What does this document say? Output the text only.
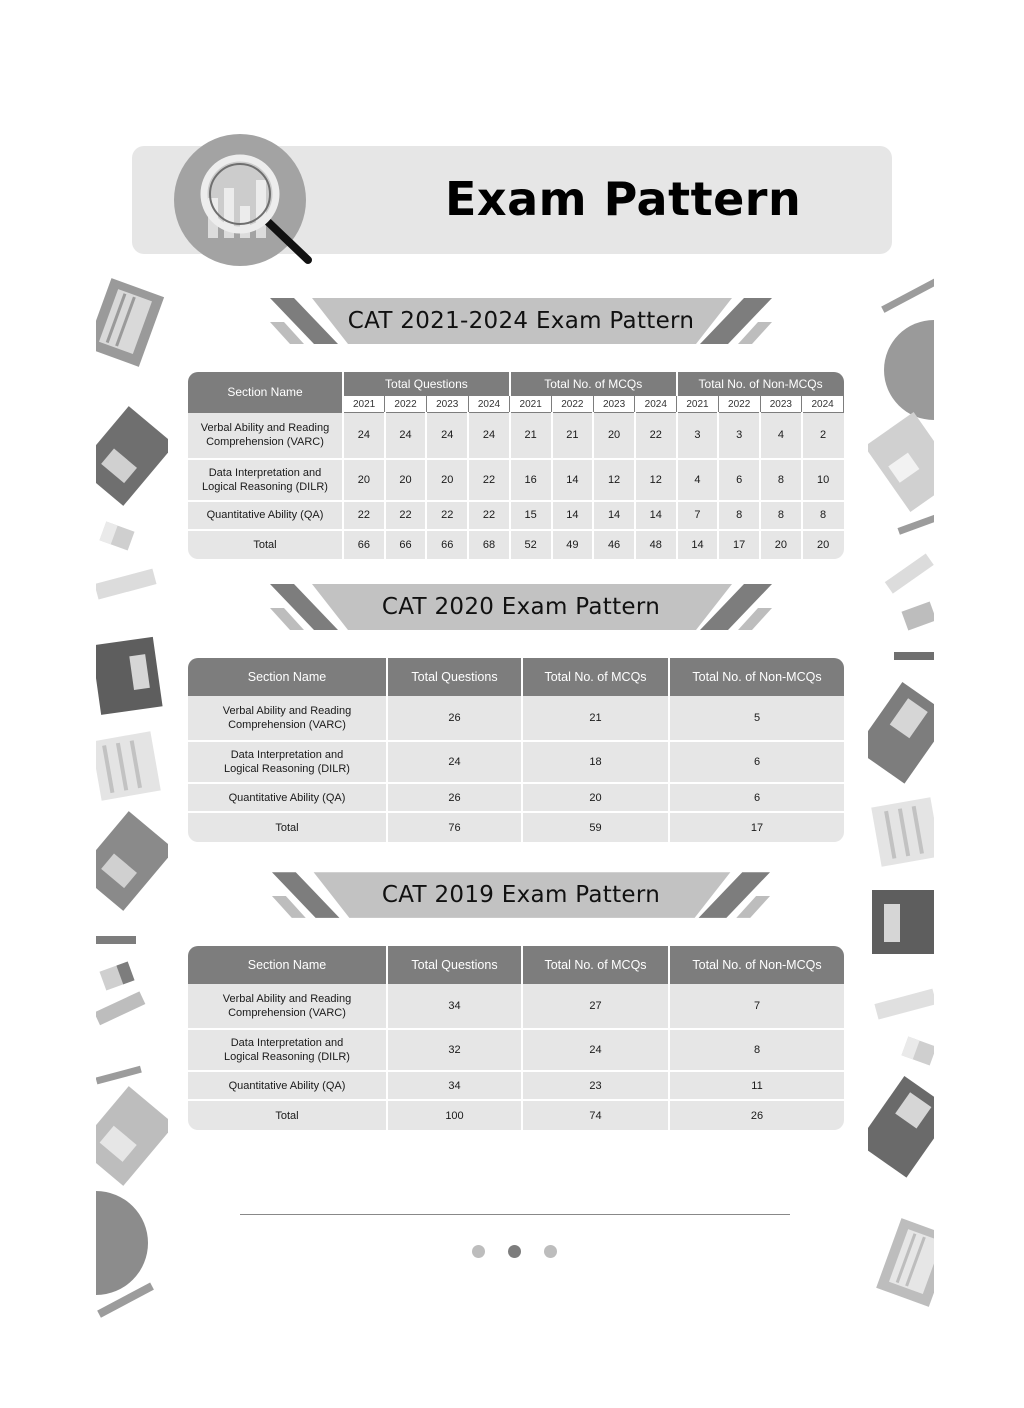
Exam Pattern
CAT 2021-2024 Exam Pattern
Section Name	Total Questions				Total No. of MCQs				Total No. of Non-MCQs			
	2021	2022	2023	2024	2021	2022	2023	2024	2021	2022	2023	2024
Verbal Ability and Reading
Comprehension (VARC)	24	24	24	24	21	21	20	22	3	3	4	2
Data Interpretation and
Logical Reasoning (DILR)	20	20	20	22	16	14	12	12	4	6	8	10
Quantitative Ability (QA)	22	22	22	22	15	14	14	14	7	8	8	8
Total	66	66	66	68	52	49	46	48	14	17	20	20
CAT 2020 Exam Pattern
Section Name	Total Questions	Total No. of MCQs	Total No. of Non-MCQs
Verbal Ability and Reading
Comprehension (VARC)	26	21	5
Data Interpretation and
Logical Reasoning (DILR)	24	18	6
Quantitative Ability (QA)	26	20	6
Total	76	59	17
CAT 2019 Exam Pattern
Section Name	Total Questions	Total No. of MCQs	Total No. of Non-MCQs
Verbal Ability and Reading
Comprehension (VARC)	34	27	7
Data Interpretation and
Logical Reasoning (DILR)	32	24	8
Quantitative Ability (QA)	34	23	11
Total	100	74	26
